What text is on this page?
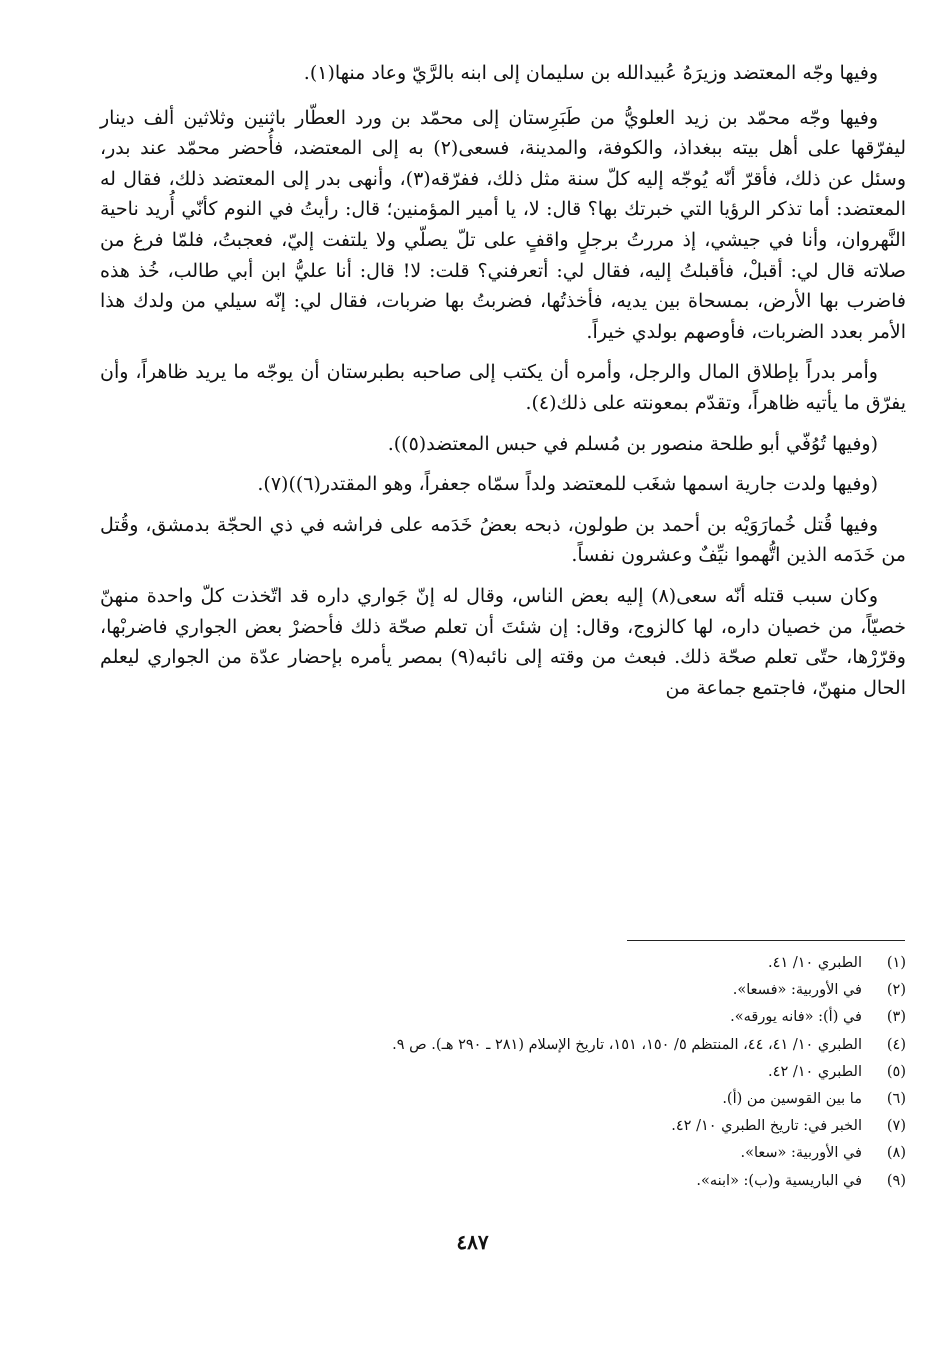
وفيها وجّه المعتضد وزيرَهُ عُبيدالله بن سليمان إلى ابنه بالرَّيّ وعاد منها(١).

وفيها وجّه محمّد بن زيد العلويُّ من طَبَرِستان إلى محمّد بن ورد العطّار باثنين وثلاثين ألف دينار ليفرّقها على أهل بيته ببغداذ، والكوفة، والمدينة، فسعى(٢) به إلى المعتضد، فأُحضر محمّد عند بدر، وسئل عن ذلك، فأقرّ أنّه يُوجّه إليه كلّ سنة مثل ذلك، ففرّقه(٣)، وأنهى بدر إلى المعتضد ذلك، فقال له المعتضد: أما تذكر الرؤيا التي خبرتك بها؟ قال: لا، يا أمير المؤمنين؛ قال: رأيتُ في النوم كأنّي أُريد ناحية النَّهروان، وأنا في جيشي، إذ مررتُ برجلٍ واقفٍ على تلّ يصلّي ولا يلتفت إليّ، فعجبتُ، فلمّا فرغ من صلاته قال لي: أقبلْ، فأقبلتُ إليه، فقال لي: أتعرفني؟ قلت: لا! قال: أنا عليُّ ابن أبي طالب، خُذ هذه فاضرب بها الأرض، بمسحاة بين يديه، فأخذتُها، فضربتُ بها ضربات، فقال لي: إنّه سيلي من ولدك هذا الأمر بعدد الضربات، فأوصهم بولدي خيراً.

وأمر بدراً بإطلاق المال والرجل، وأمره أن يكتب إلى صاحبه بطبرستان أن يوجّه ما يريد ظاهراً، وأن يفرّق ما يأتيه ظاهراً، وتقدّم بمعونته على ذلك(٤).

(وفيها تُوُفّي أبو طلحة منصور بن مُسلم في حبس المعتضد(٥)).

(وفيها ولدت جارية اسمها شغَب للمعتضد ولداً سمّاه جعفراً، وهو المقتدر(٦))(٧).

وفيها قُتل خُمارَوَيْه بن أحمد بن طولون، ذبحه بعضُ خَدَمه على فراشه في ذي الحجّة بدمشق، وقُتل من خَدَمه الذين اتُّهموا نيِّفٌ وعشرون نفساً.

وكان سبب قتله أنّه سعى(٨) إليه بعض الناس، وقال له إنّ جَواري داره قد اتّخذت كلّ واحدة منهنّ خصيّاً، من خصيان داره، لها كالزوج، وقال: إن شئتَ أن تعلم صحّة ذلك فأحضرْ بعض الجواري فاضربْها، وقرّرْها، حتّى تعلم صحّة ذلك. فبعث من وقته إلى نائبه(٩) بمصر يأمره بإحضار عدّة من الجواري ليعلم الحال منهنّ، فاجتمع جماعة من

(١)
الطبري ١٠/ ٤١.
(٢)
في الأوربية: «فسعا».
(٣)
في (أ): «فانه يورقه».
(٤)
الطبري ١٠/ ٤١، ٤٤، المنتظم ٥/ ١٥٠، ١٥١، تاريخ الإسلام (٢٨١ ـ ٢٩٠ هـ). ص ٩.
(٥)
الطبري ١٠/ ٤٢.
(٦)
ما بين القوسين من (أ).
(٧)
الخبر في: تاريخ الطبري ١٠/ ٤٢.
(٨)
في الأوربية: «سعا».
(٩)
في الباريسية و(ب): «ابنه».
٤٨٧
